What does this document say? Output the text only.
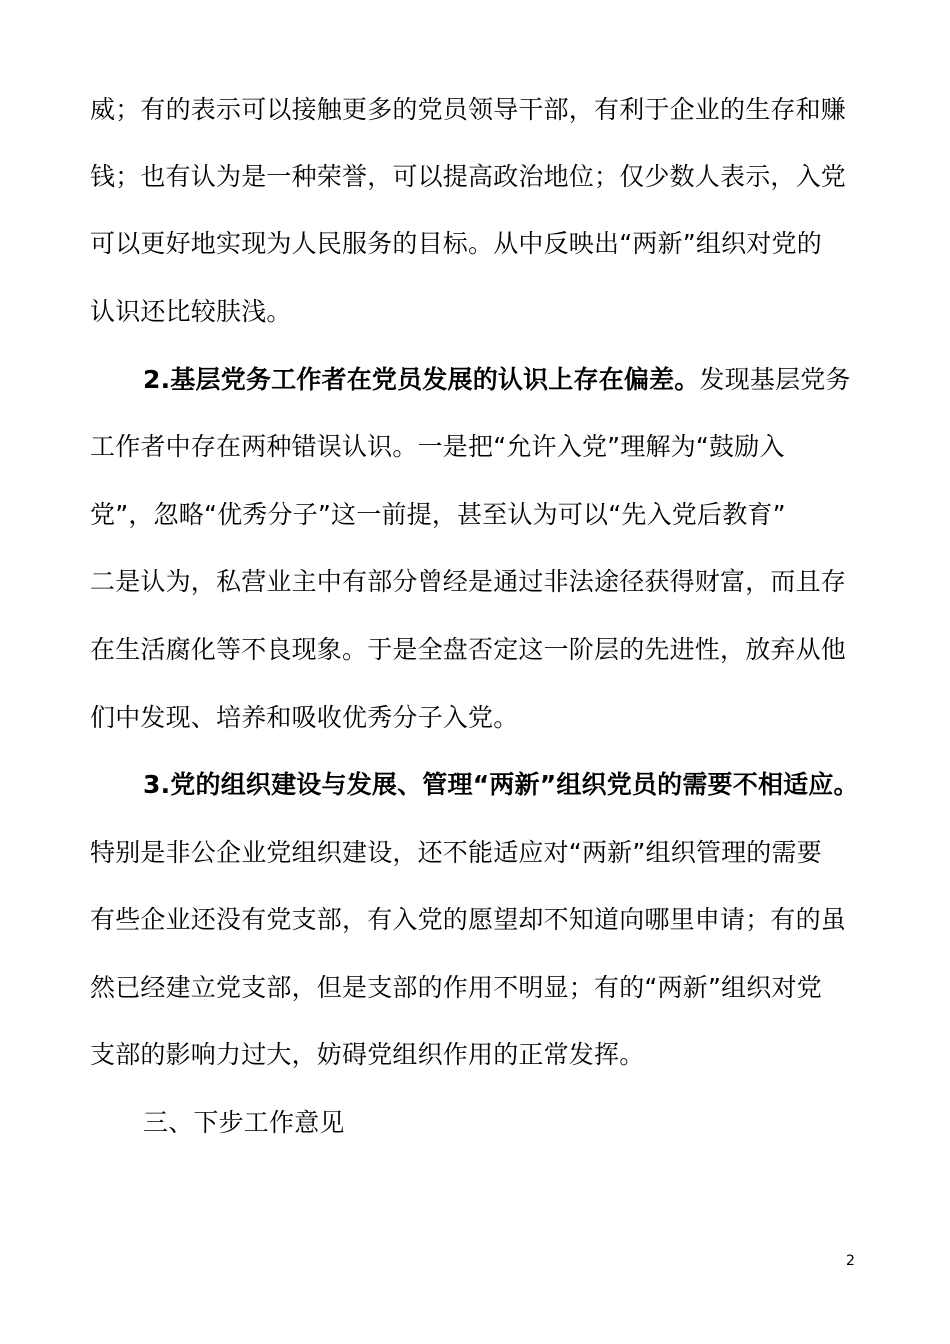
威；有的表示可以接触更多的党员领导干部，有利于企业的生存和赚
钱；也有认为是一种荣誉，可以提高政治地位；仅少数人表示，入党
可以更好地实现为人民服务的目标。从中反映出“两新”组织对党的
认识还比较肤浅。
2.基层党务工作者在党员发展的认识上存在偏差。发现基层党务
工作者中存在两种错误认识。一是把“允许入党”理解为“鼓励入
党”，忽略“优秀分子”这一前提，甚至认为可以“先入党后教育”
二是认为，私营业主中有部分曾经是通过非法途径获得财富，而且存
在生活腐化等不良现象。于是全盘否定这一阶层的先进性，放弃从他
们中发现、培养和吸收优秀分子入党。
3.党的组织建设与发展、管理“两新”组织党员的需要不相适应。
特别是非公企业党组织建设，还不能适应对“两新”组织管理的需要
有些企业还没有党支部，有入党的愿望却不知道向哪里申请；有的虽
然已经建立党支部，但是支部的作用不明显；有的“两新”组织对党
支部的影响力过大，妨碍党组织作用的正常发挥。
三、下步工作意见
2
